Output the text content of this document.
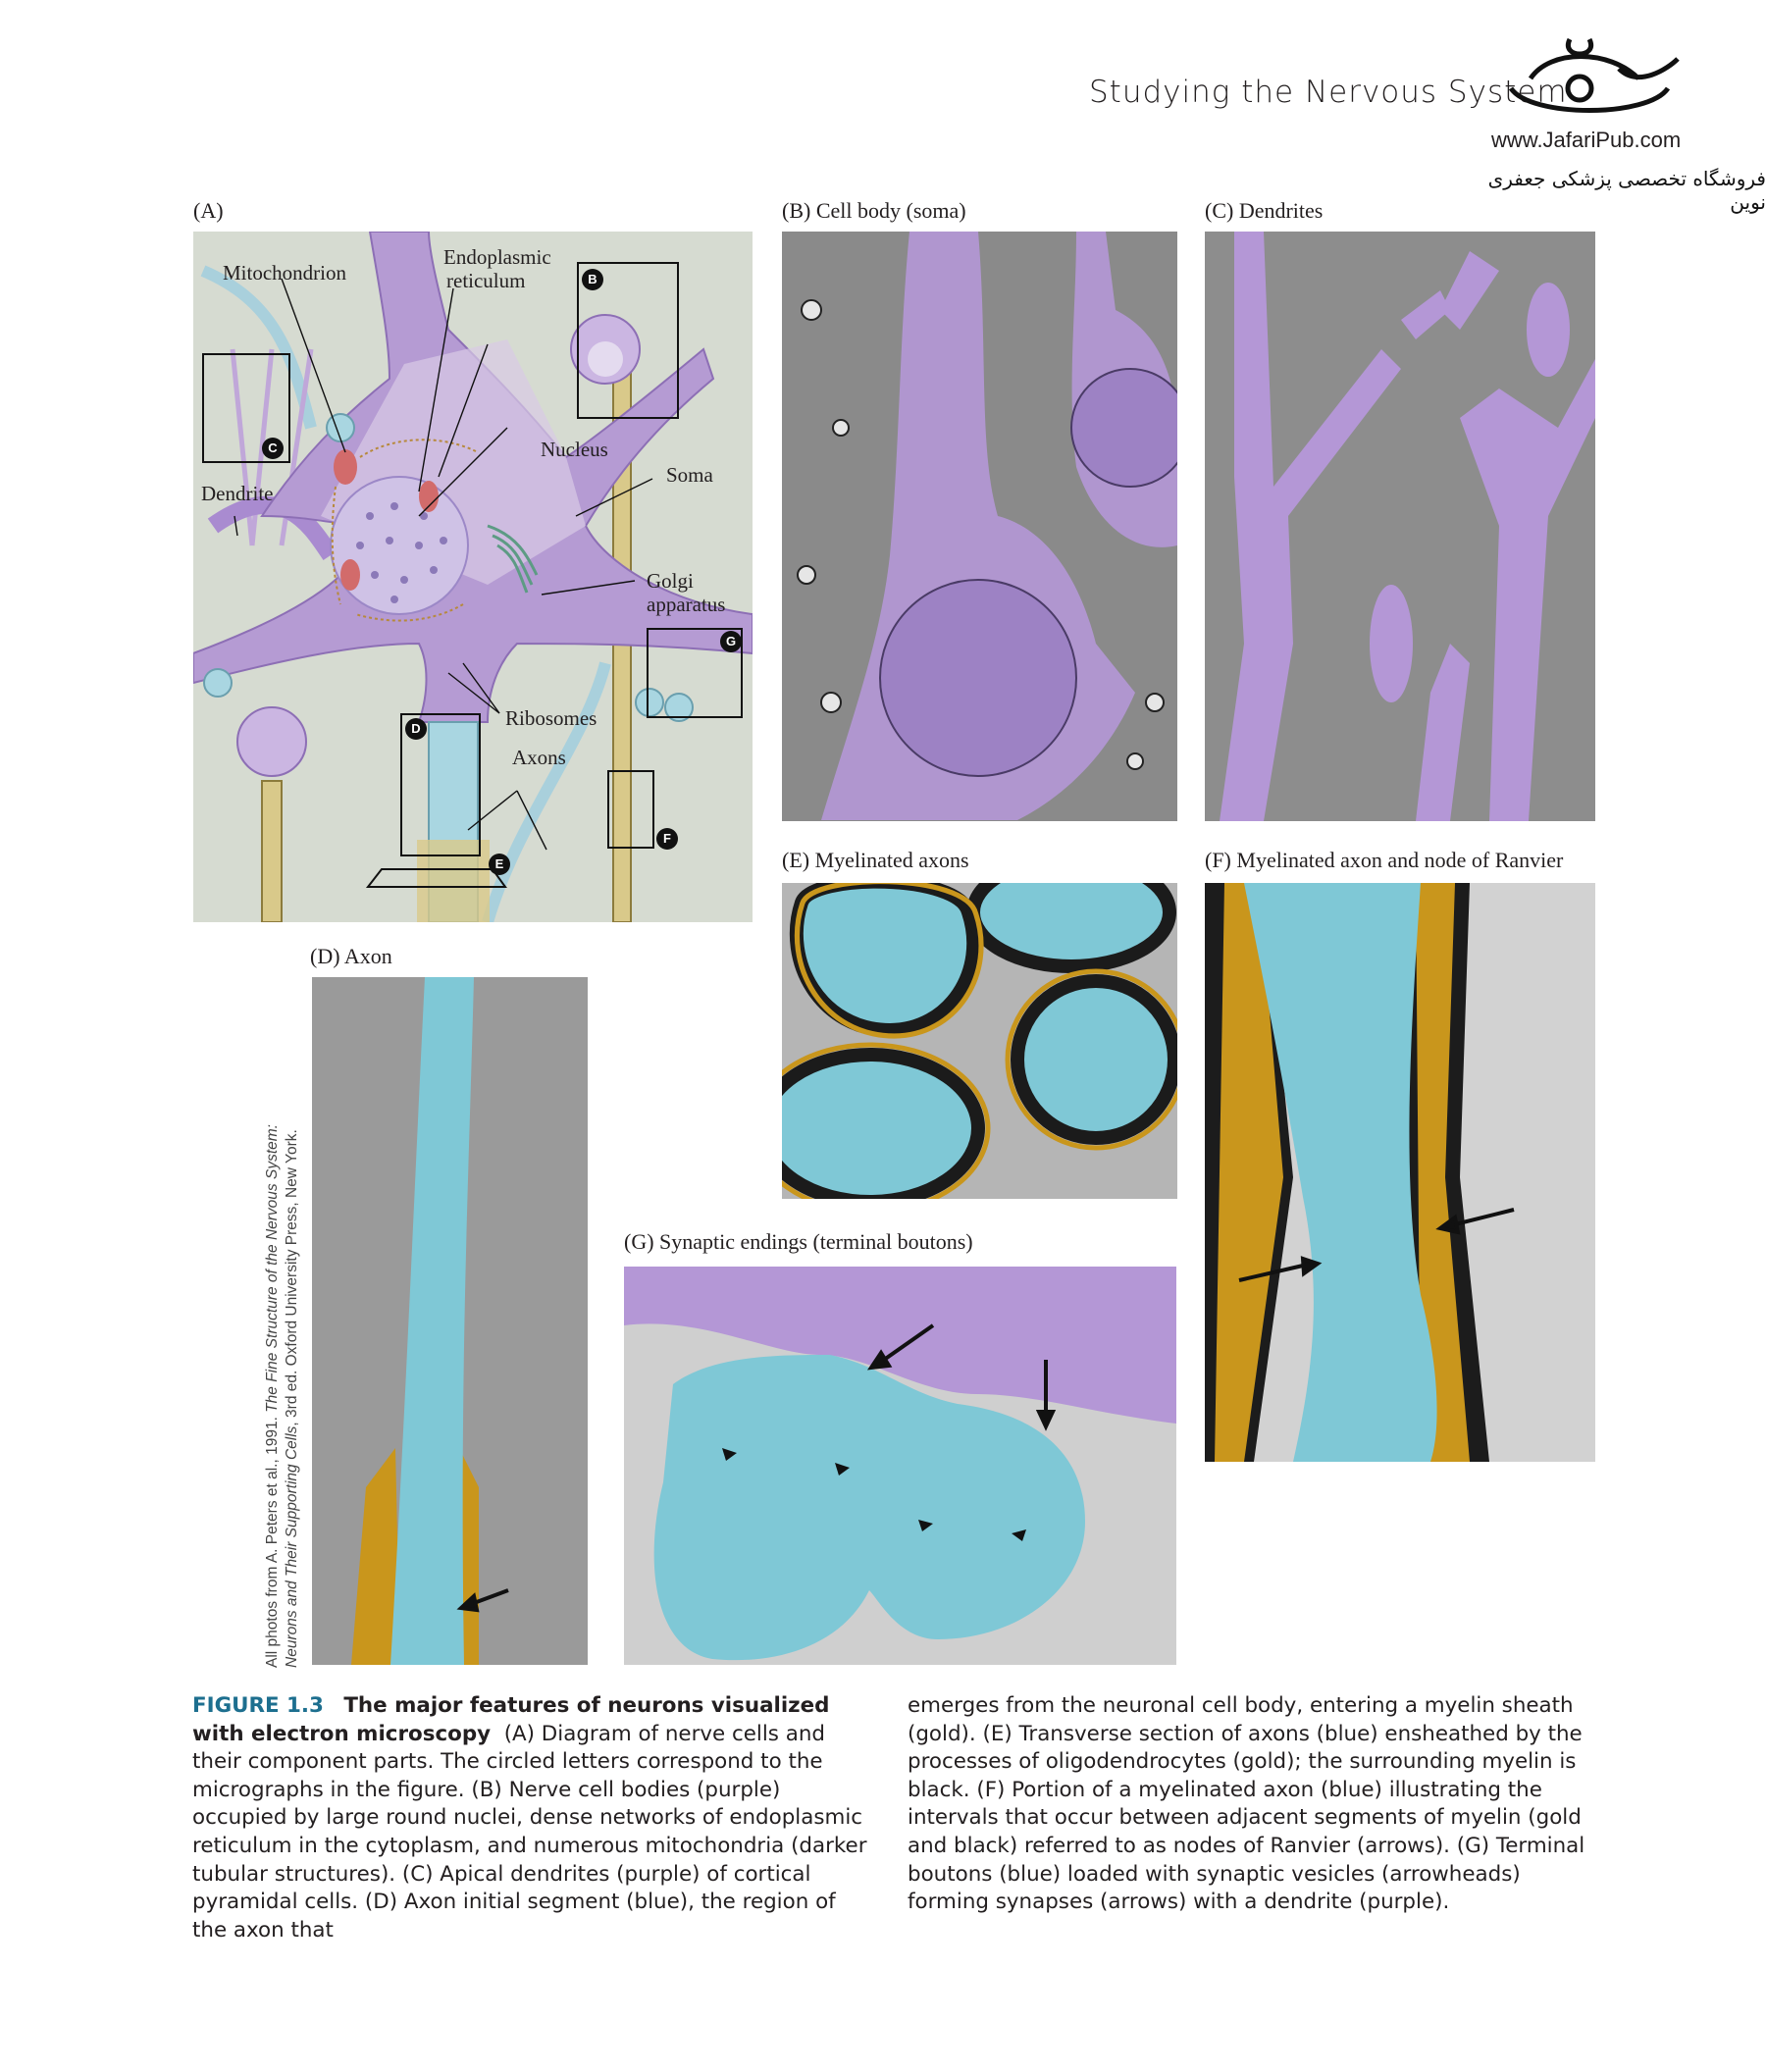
Studying the Nervous System
www.JafariPub.com
فروشگاه تخصصی پزشکی جعفری نوین
(A)	(B) Cell body (soma)	(C) Dendrites
(E) Myelinated axons	(F) Myelinated axon and node of Ranvier
(D) Axon
(G) Synaptic endings (terminal boutons)
Mitochondrion
Endoplasmic
reticulum
Nucleus
Soma
Dendrite
Golgi
apparatus
Ribosomes
Axons
B
C
G
D
F
E
All photos from A. Peters et al., 1991. The Fine Structure of the Nervous System: Neurons and Their Supporting Cells, 3rd ed. Oxford University Press, New York.
FIGURE 1.3 The major features of neurons visualized with electron microscopy (A) Diagram of nerve cells and their component parts. The circled letters correspond to the micrographs in the figure. (B) Nerve cell bodies (purple) occupied by large round nuclei, dense networks of endoplasmic reticulum in the cytoplasm, and numerous mitochondria (darker tubular structures). (C) Apical dendrites (purple) of cortical pyramidal cells. (D) Axon initial segment (blue), the region of the axon that
emerges from the neuronal cell body, entering a myelin sheath (gold). (E) Transverse section of axons (blue) ensheathed by the processes of oligodendrocytes (gold); the surrounding myelin is black. (F) Portion of a myelinated axon (blue) illustrating the intervals that occur between adjacent segments of myelin (gold and black) referred to as nodes of Ranvier (arrows). (G) Terminal boutons (blue) loaded with synaptic vesicles (arrowheads) forming synapses (arrows) with a dendrite (purple).
